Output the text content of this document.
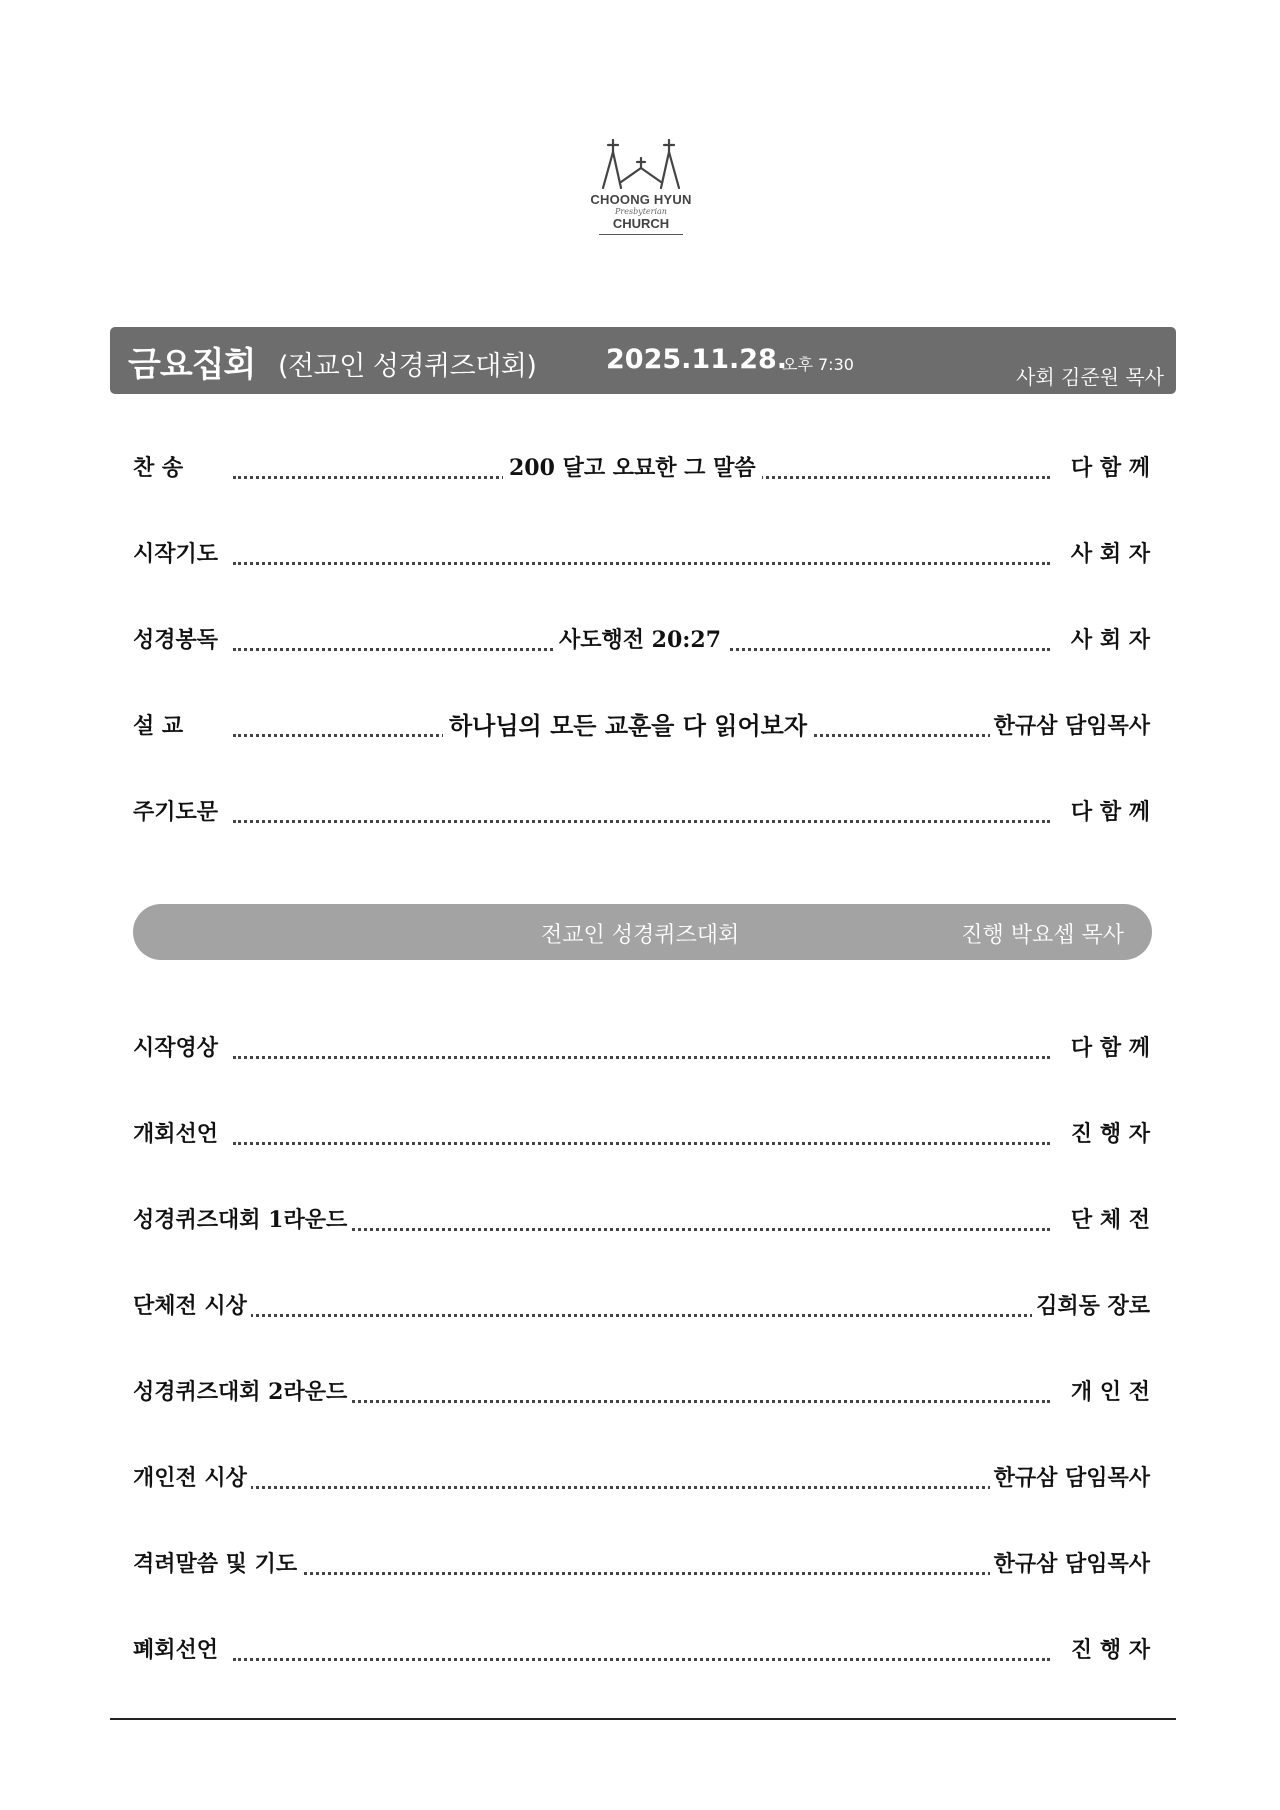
CHOONG HYUN
Presbyterian
CHURCH
금요집회 (전교인 성경퀴즈대회)	2025.11.28.
오후 7:30
사회 김준원 목사
찬 송	200 달고 오묘한 그 말씀	다 함 께
시작기도	사 회 자
성경봉독	사도행전 20:27	사 회 자
설 교	하나님의 모든 교훈을 다 읽어보자	한규삼 담임목사
주기도문	다 함 께
전교인 성경퀴즈대회	진행 박요셉 목사
시작영상	다 함 께
개회선언	진 행 자
성경퀴즈대회 1라운드	단 체 전
단체전 시상	김희동 장로
성경퀴즈대회 2라운드	개 인 전
개인전 시상	한규삼 담임목사
격려말씀 및 기도	한규삼 담임목사
폐회선언	진 행 자
